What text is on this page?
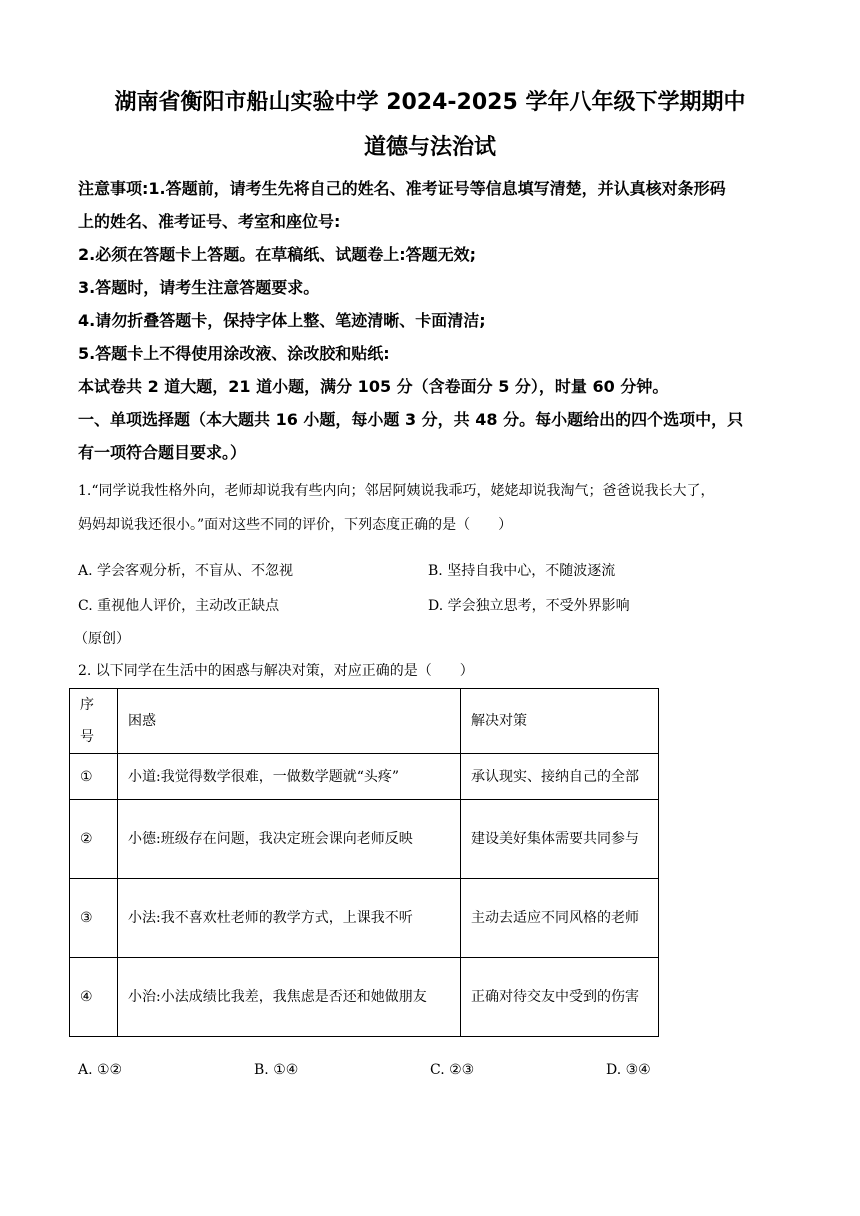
湖南省衡阳市船山实验中学 2024-2025 学年八年级下学期期中
道德与法治试

注意事项:1.答题前，请考生先将自己的姓名、准考证号等信息填写清楚，并认真核对条形码

上的姓名、准考证号、考室和座位号:

2.必须在答题卡上答题。在草稿纸、试题卷上:答题无效;

3.答题时，请考生注意答题要求。

4.请勿折叠答题卡，保持字体上整、笔迹清晰、卡面清洁;

5.答题卡上不得使用涂改液、涂改胶和贴纸:

本试卷共 2 道大题，21 道小题，满分 105 分（含卷面分 5 分），时量 60 分钟。

一、单项选择题（本大题共 16 小题，每小题 3 分，共 48 分。每小题给出的四个选项中，只

有一项符合题目要求。）

1.“同学说我性格外向，老师却说我有些内向；邻居阿姨说我乖巧，姥姥却说我淘气；爸爸说我长大了，

妈妈却说我还很小。”面对这些不同的评价，下列态度正确的是（　　）

A. 学会客观分析，不盲从、不忽视	B. 坚持自我中心，不随波逐流
C. 重视他人评价，主动改正缺点	D. 学会独立思考，不受外界影响
（原创）

2. 以下同学在生活中的困惑与解决对策，对应正确的是（　　）

序号	困惑	解决对策
①	小道:我觉得数学很难，一做数学题就“头疼”	承认现实、接纳自己的全部
②	小德:班级存在问题，我决定班会课向老师反映	建设美好集体需要共同参与
③	小法:我不喜欢杜老师的教学方式，上课我不听	主动去适应不同风格的老师
④	小治:小法成绩比我差，我焦虑是否还和她做朋友	正确对待交友中受到的伤害
A. ①②	B. ①④	C. ②③	D. ③④
